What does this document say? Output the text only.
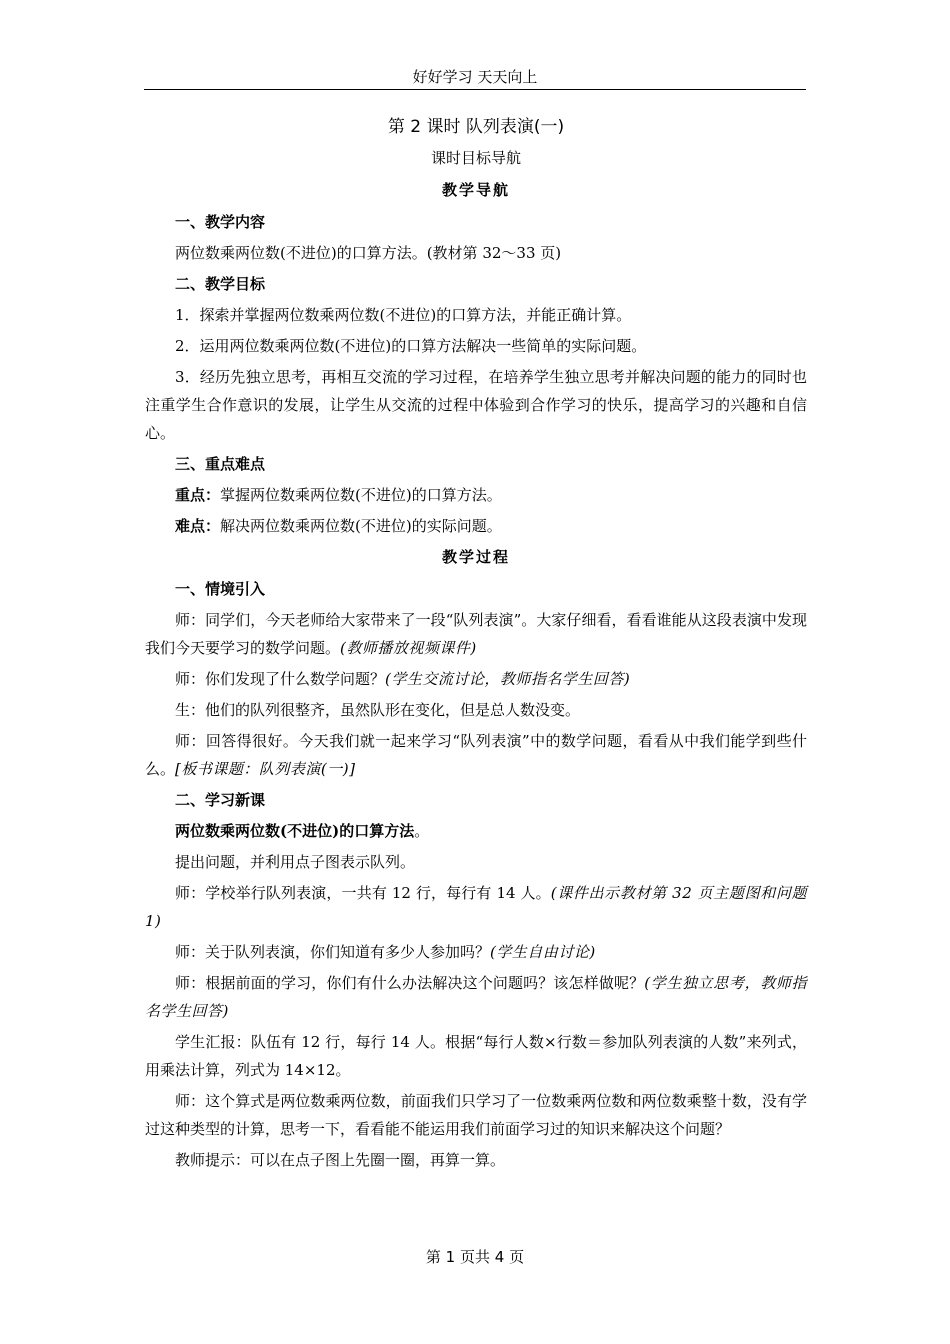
好好学习 天天向上
第 2 课时 队列表演(一)
课时目标导航
教学导航

一、教学内容

两位数乘两位数(不进位)的口算方法。(教材第 32～33 页)

二、教学目标

1．探索并掌握两位数乘两位数(不进位)的口算方法，并能正确计算。

2．运用两位数乘两位数(不进位)的口算方法解决一些简单的实际问题。

3．经历先独立思考，再相互交流的学习过程，在培养学生独立思考并解决问题的能力的同时也注重学生合作意识的发展，让学生从交流的过程中体验到合作学习的快乐，提高学习的兴趣和自信心。

三、重点难点

重点：掌握两位数乘两位数(不进位)的口算方法。

难点：解决两位数乘两位数(不进位)的实际问题。

教学过程

一、情境引入

师：同学们，今天老师给大家带来了一段“队列表演”。大家仔细看，看看谁能从这段表演中发现我们今天要学习的数学问题。(教师播放视频课件)

师：你们发现了什么数学问题？(学生交流讨论，教师指名学生回答)

生：他们的队列很整齐，虽然队形在变化，但是总人数没变。

师：回答得很好。今天我们就一起来学习“队列表演”中的数学问题，看看从中我们能学到些什么。[板书课题：队列表演(一)]

二、学习新课

两位数乘两位数(不进位)的口算方法。

提出问题，并利用点子图表示队列。

师：学校举行队列表演，一共有 12 行，每行有 14 人。(课件出示教材第 32 页主题图和问题 1)

师：关于队列表演，你们知道有多少人参加吗？(学生自由讨论)

师：根据前面的学习，你们有什么办法解决这个问题吗？该怎样做呢？(学生独立思考，教师指名学生回答)

学生汇报：队伍有 12 行，每行 14 人。根据“每行人数×行数＝参加队列表演的人数”来列式，用乘法计算，列式为 14×12。

师：这个算式是两位数乘两位数，前面我们只学习了一位数乘两位数和两位数乘整十数，没有学过这种类型的计算，思考一下，看看能不能运用我们前面学习过的知识来解决这个问题？

教师提示：可以在点子图上先圈一圈，再算一算。

第 1 页共 4 页
